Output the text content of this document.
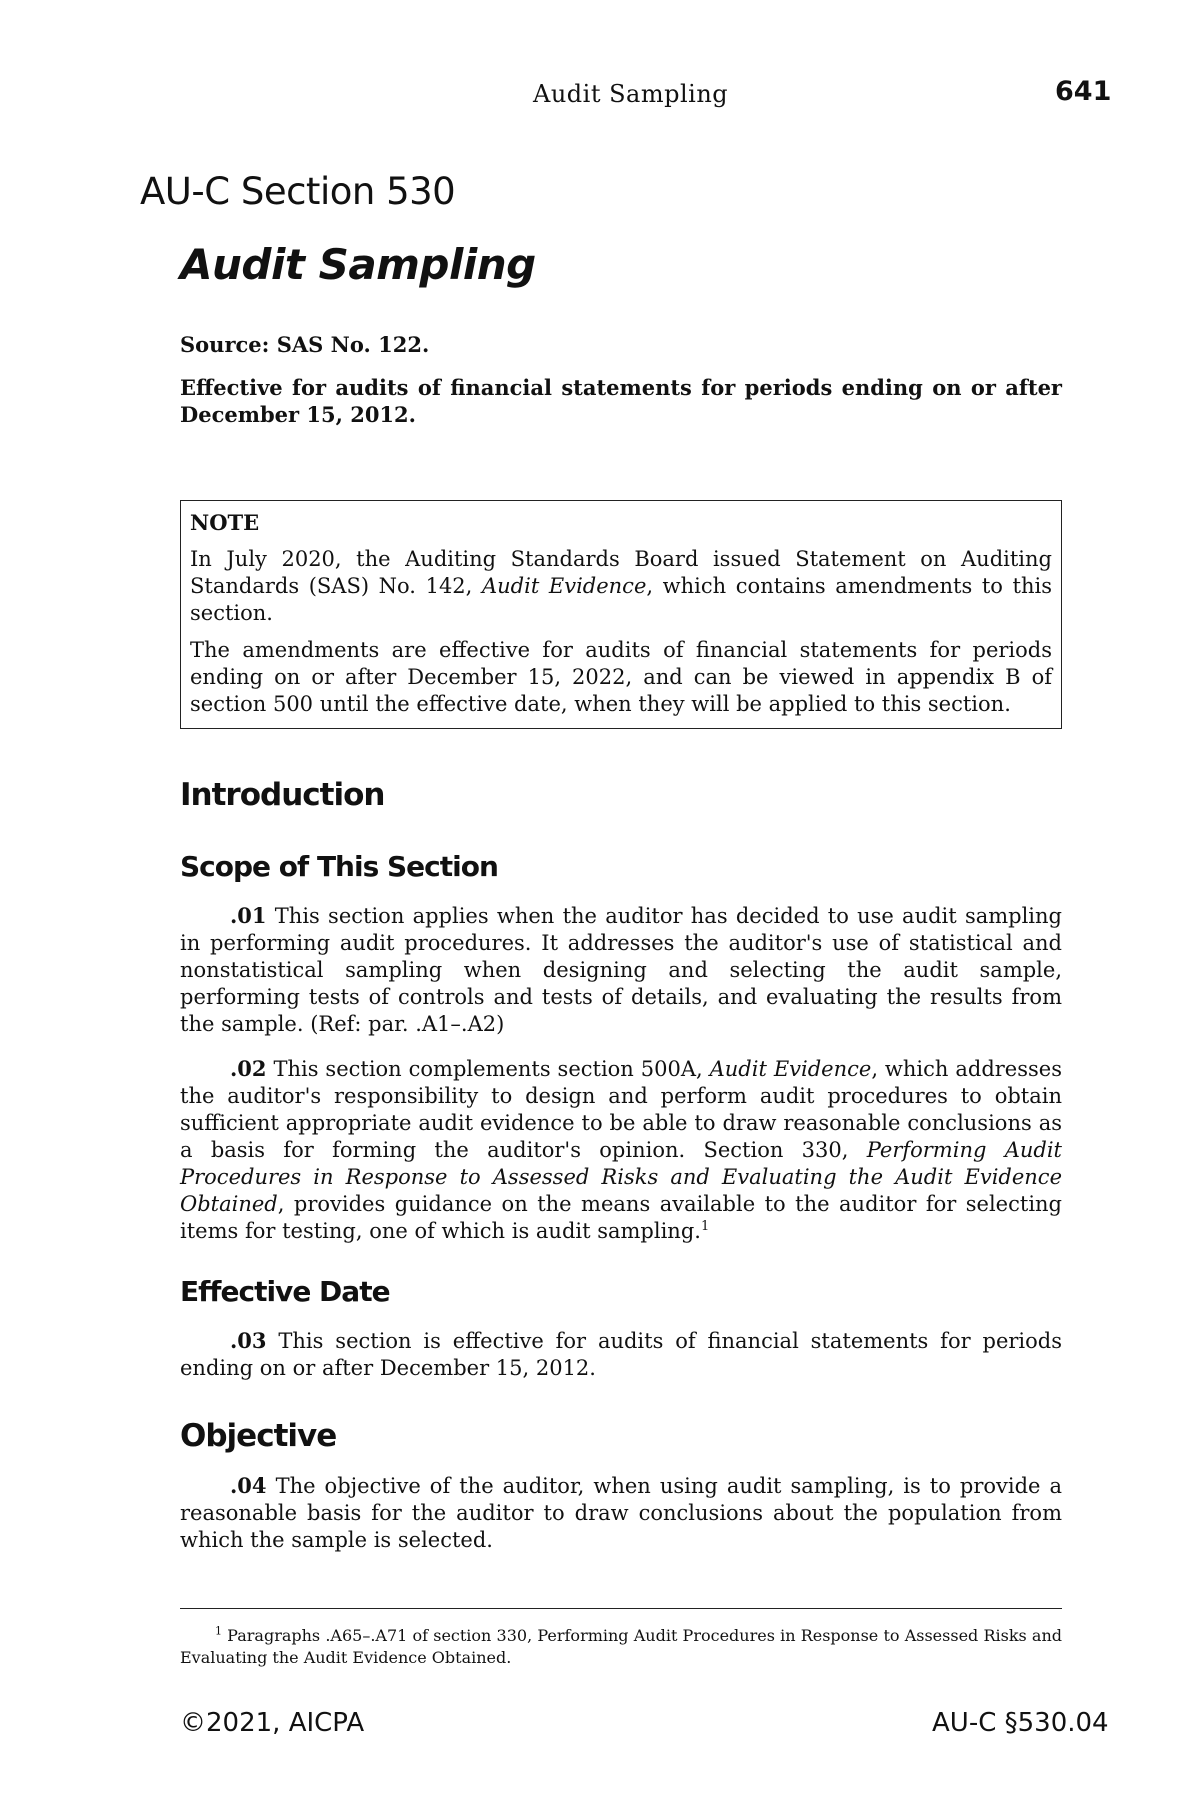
Audit Sampling	641
AU-C Section 530
Audit Sampling

Source: SAS No. 122.

Effective for audits of financial statements for periods ending on or after December 15, 2012.

NOTE

In July 2020, the Auditing Standards Board issued Statement on Auditing Standards (SAS) No. 142, Audit Evidence, which contains amendments to this section.

The amendments are effective for audits of financial statements for periods ending on or after December 15, 2022, and can be viewed in appendix B of section 500 until the effective date, when they will be applied to this section.

Introduction
Scope of This Section

.01 This section applies when the auditor has decided to use audit sampling in performing audit procedures. It addresses the auditor's use of statistical and nonstatistical sampling when designing and selecting the audit sample, performing tests of controls and tests of details, and evaluating the results from the sample. (Ref: par. .A1–.A2)

.02 This section complements section 500A, Audit Evidence, which addresses the auditor's responsibility to design and perform audit procedures to obtain sufficient appropriate audit evidence to be able to draw reasonable conclusions as a basis for forming the auditor's opinion. Section 330, Performing Audit Procedures in Response to Assessed Risks and Evaluating the Audit Evidence Obtained, provides guidance on the means available to the auditor for selecting items for testing, one of which is audit sampling.$^1$

Effective Date

.03 This section is effective for audits of financial statements for periods ending on or after December 15, 2012.

Objective

.04 The objective of the auditor, when using audit sampling, is to provide a reasonable basis for the auditor to draw conclusions about the population from which the sample is selected.

$^1$ Paragraphs .A65–.A71 of section 330, Performing Audit Procedures in Response to Assessed Risks and Evaluating the Audit Evidence Obtained.

©2021, AICPA	AU-C §530.04
